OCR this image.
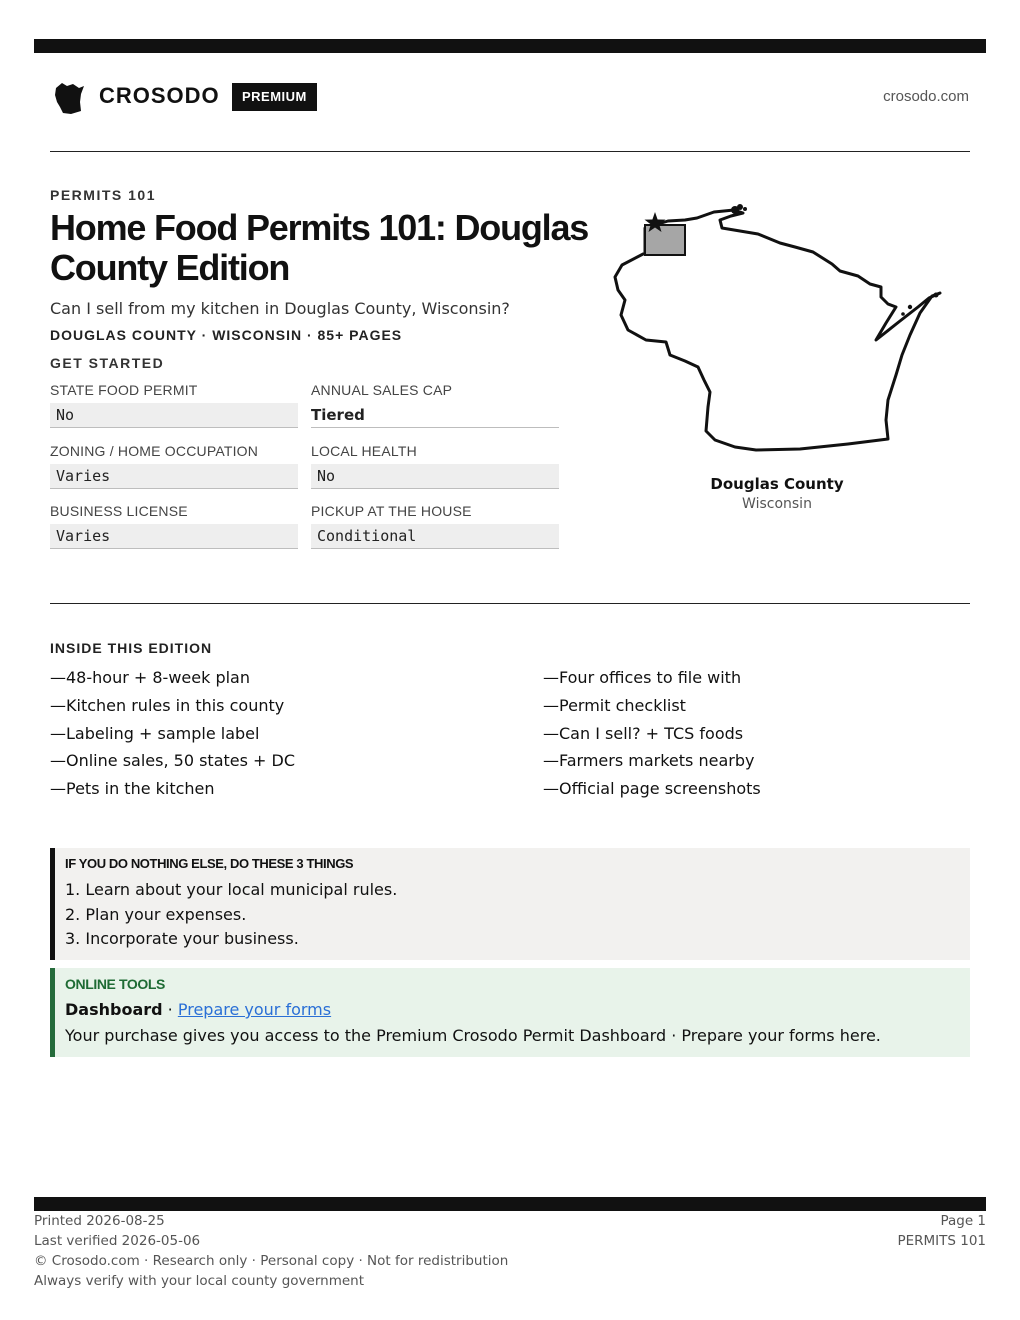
CROSODO	PREMIUM	crosodo.com
PERMITS 101
Home Food Permits 101: Douglas County Edition
Can I sell from my kitchen in Douglas County, Wisconsin?
DOUGLAS COUNTY · WISCONSIN · 85+ PAGES
GET STARTED
STATE FOOD PERMIT
No
ANNUAL SALES CAP
Tiered
ZONING / HOME OCCUPATION
Varies
LOCAL HEALTH
No
BUSINESS LICENSE
Varies
PICKUP AT THE HOUSE
Conditional
Douglas County
Wisconsin
INSIDE THIS EDITION
—48-hour + 8-week plan
—Kitchen rules in this county
—Labeling + sample label
—Online sales, 50 states + DC
—Pets in the kitchen
—Four offices to file with
—Permit checklist
—Can I sell? + TCS foods
—Farmers markets nearby
—Official page screenshots
IF YOU DO NOTHING ELSE, DO THESE 3 THINGS
1. Learn about your local municipal rules.
2. Plan your expenses.
3. Incorporate your business.
ONLINE TOOLS
Dashboard · Prepare your forms
Your purchase gives you access to the Premium Crosodo Permit Dashboard · Prepare your forms here.
Printed 2026-08-25
Last verified 2026-05-06
© Crosodo.com · Research only · Personal copy · Not for redistribution
Always verify with your local county government
Page 1
PERMITS 101
